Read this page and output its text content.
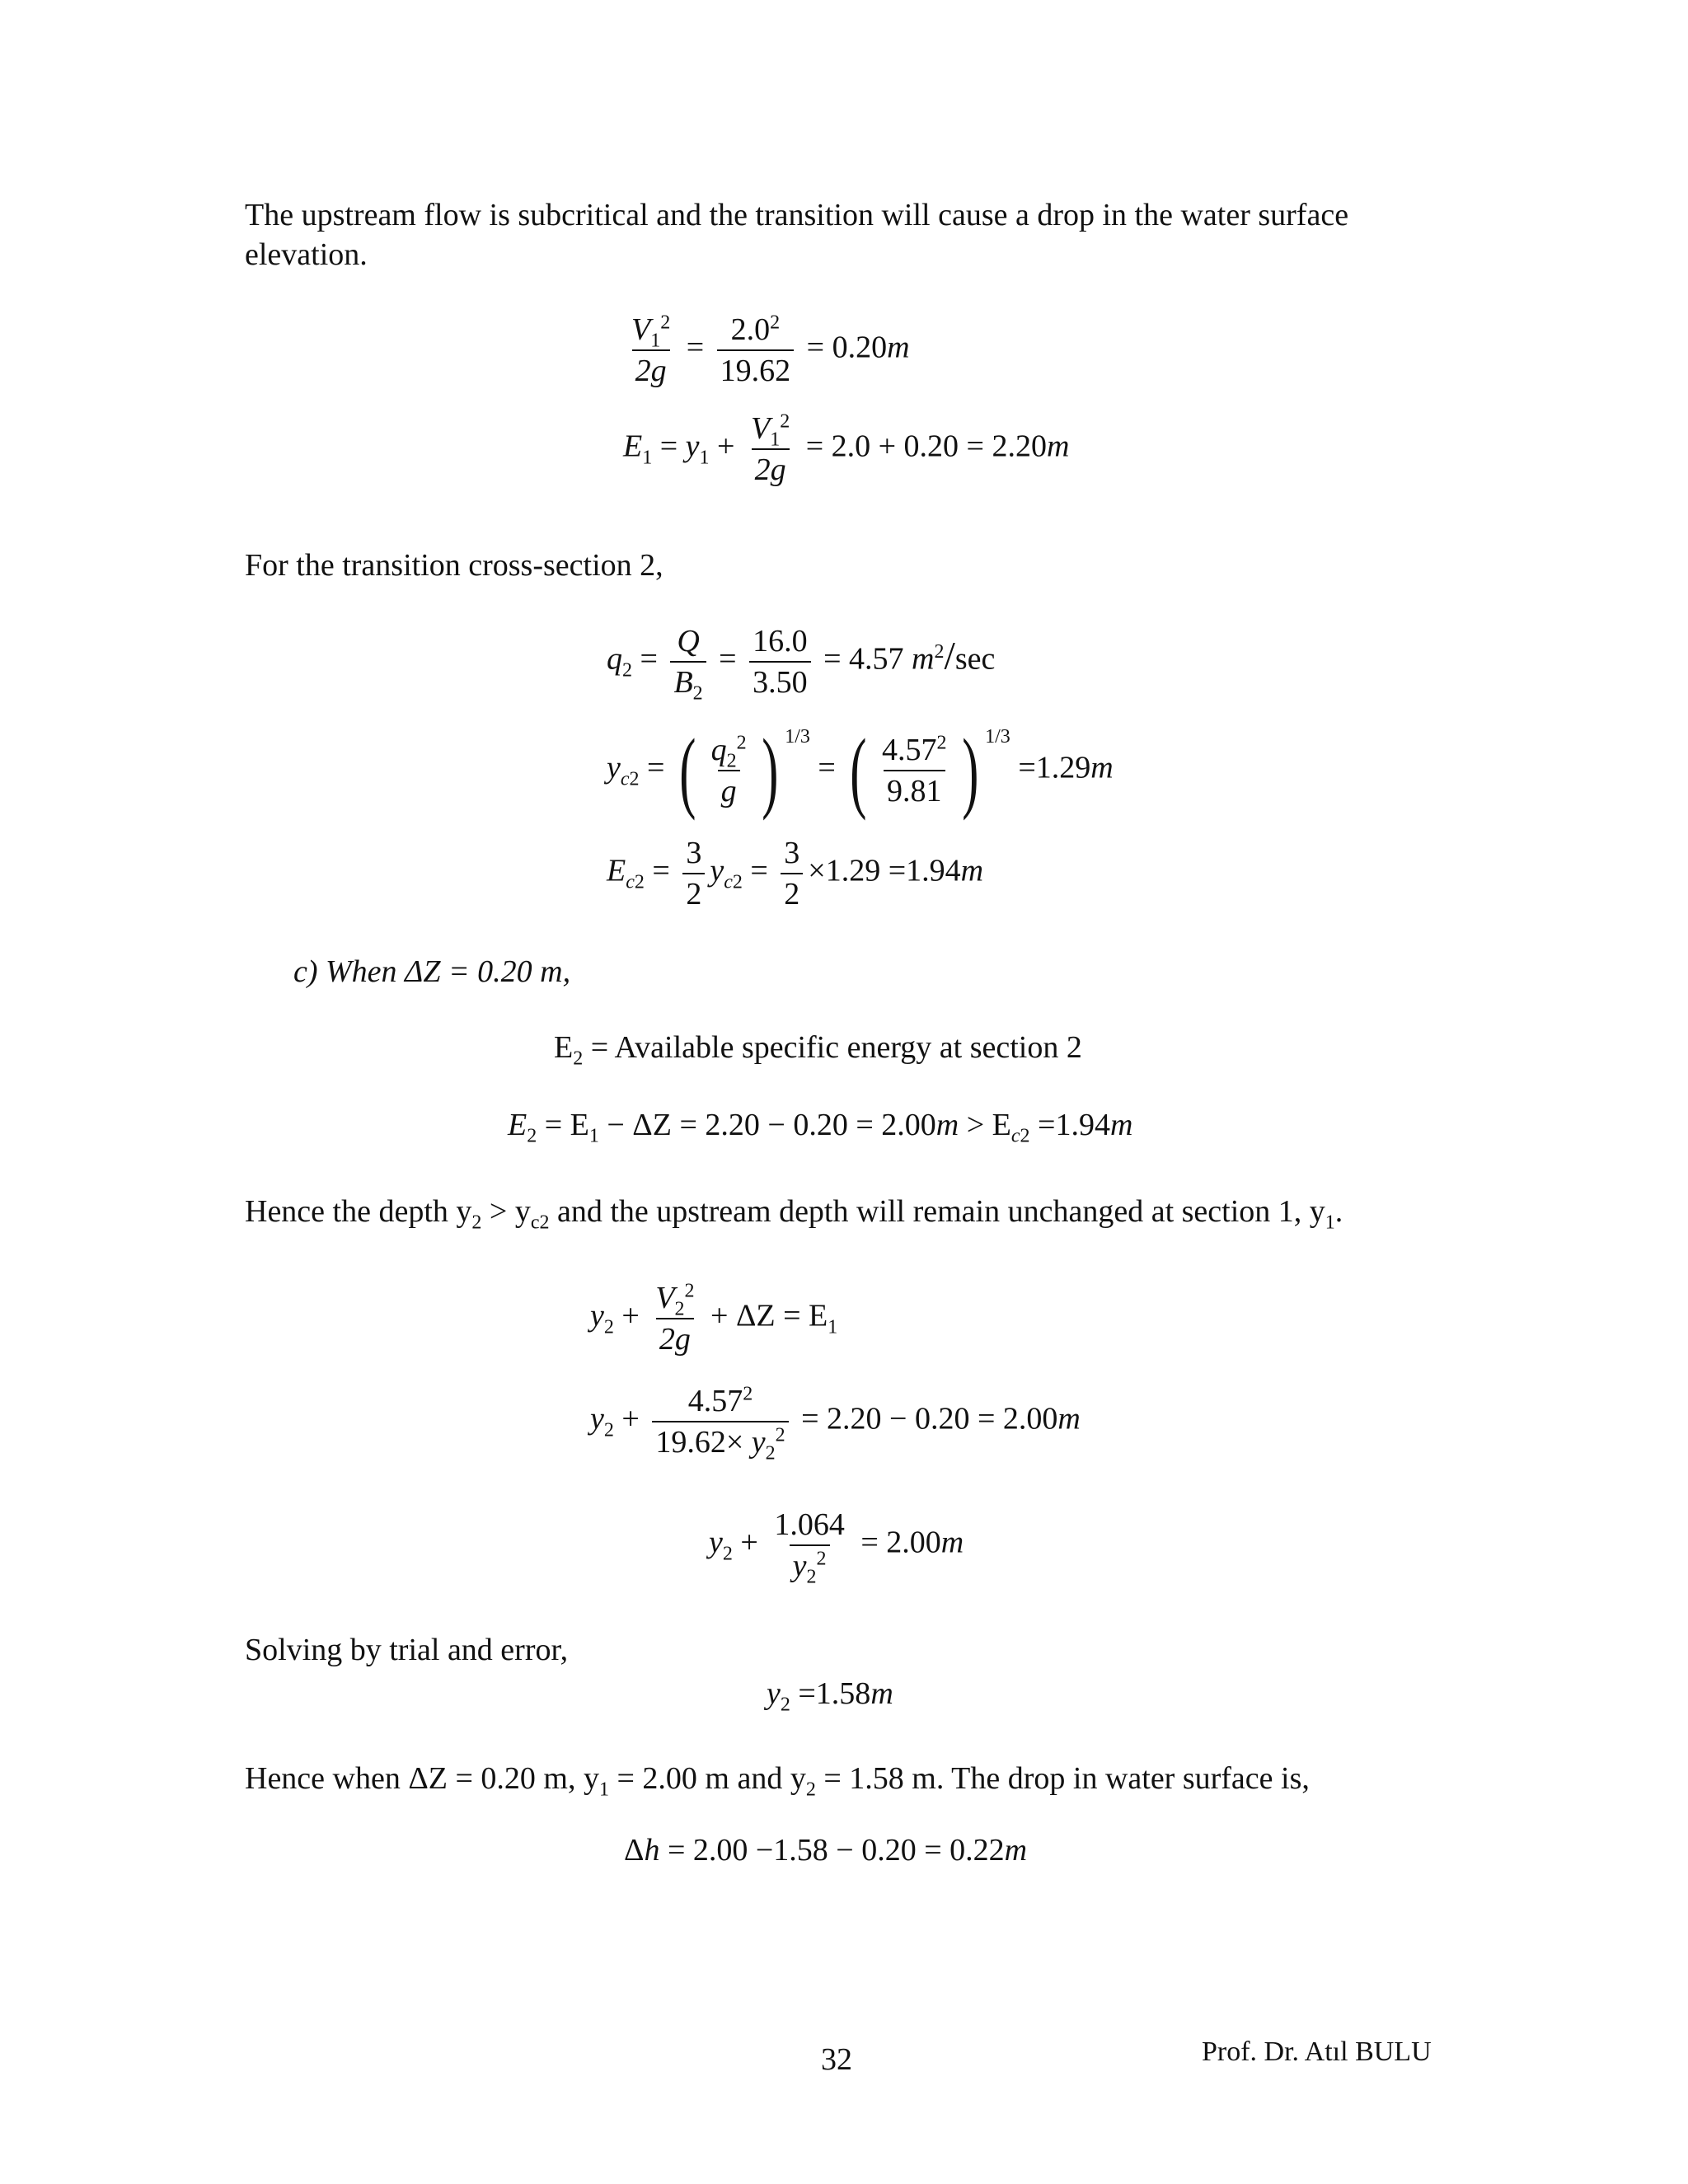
The upstream flow is subcritical and the transition will cause a drop in the water surface
elevation.
$\frac{V_1^2}{2g} = \frac{2.0^2}{19.62} = 0.20m$
$E_1 = y_1 + \frac{V_1^2}{2g} = 2.0 + 0.20 = 2.20m$
For the transition cross-section 2,
$q_2 = \frac{Q}{B_2} = \frac{16.0}{3.50} = 4.57$ $m^2/\sec$
$y_{c2}$ = ( $\frac{q_2^2}{g}$ ) 1/3 = ( $\frac{4.57^2}{9.81}$ ) 1/3 =1.29m
$E_{c2} = \frac{3}{2} y_{c2} = \frac{3}{2} \times 1.29 =1.94m$
c) When ΔZ = 0.20 m,
$E_2$ = Available specific energy at section 2
$E_2 = E_1 - \Delta Z = 2.20 - 0.20 = 2.00m > E_{c2} =1.94m$
Hence the depth $y_2 > y_{c2}$ and the upstream depth will remain unchanged at section 1, $y_1$.
$y_2 + \frac{V_2^2}{2g} + \Delta Z = E_1$
$y_2 + \frac{4.57^2}{19.62\times y_2^2} = 2.20 - 0.20 = 2.00m$
$y_2 + \frac{1.064}{y_2^2} = 2.00m$
Solving by trial and error,
$y_2 =1.58m$
Hence when ΔZ = 0.20 m, $y_1 = 2.00$ m and $y_2 = 1.58$ m. The drop in water surface is,
Δh = 2.00 −1.58 − 0.20 = 0.22m
32	Prof. Dr. Atıl BULU
